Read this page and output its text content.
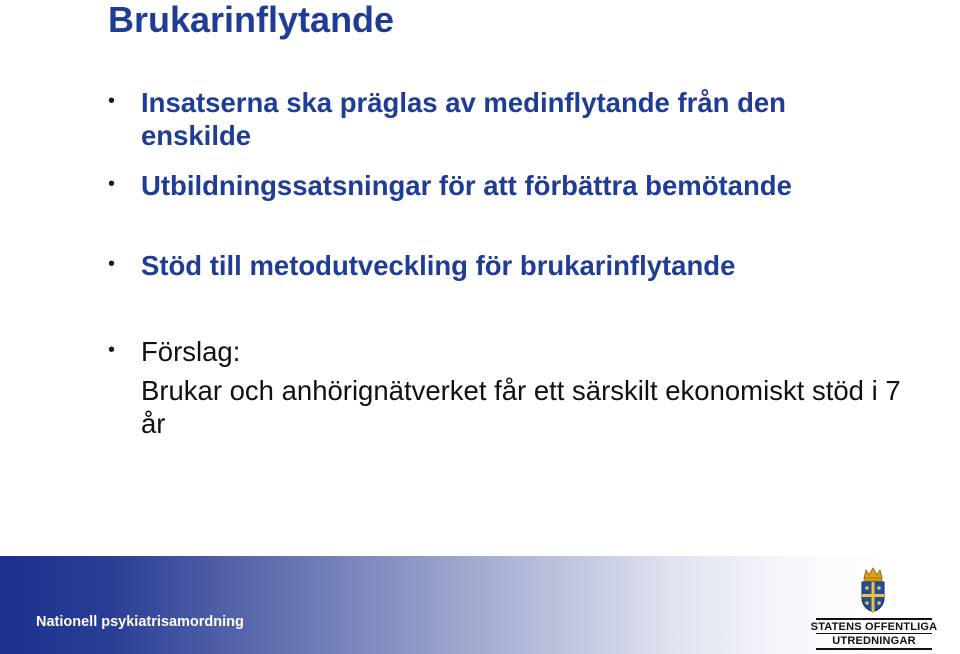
Brukarinflytande
• Insatserna ska präglas av medinflytande från den enskilde
• Utbildningssatsningar för att förbättra bemötande
• Stöd till metodutveckling för brukarinflytande
• Förslag:
Brukar och anhörignätverket får ett särskilt ekonomiskt stöd i 7 år
Nationell psykiatrisamordning	STATENS OFFENTLIGA
UTREDNINGAR
